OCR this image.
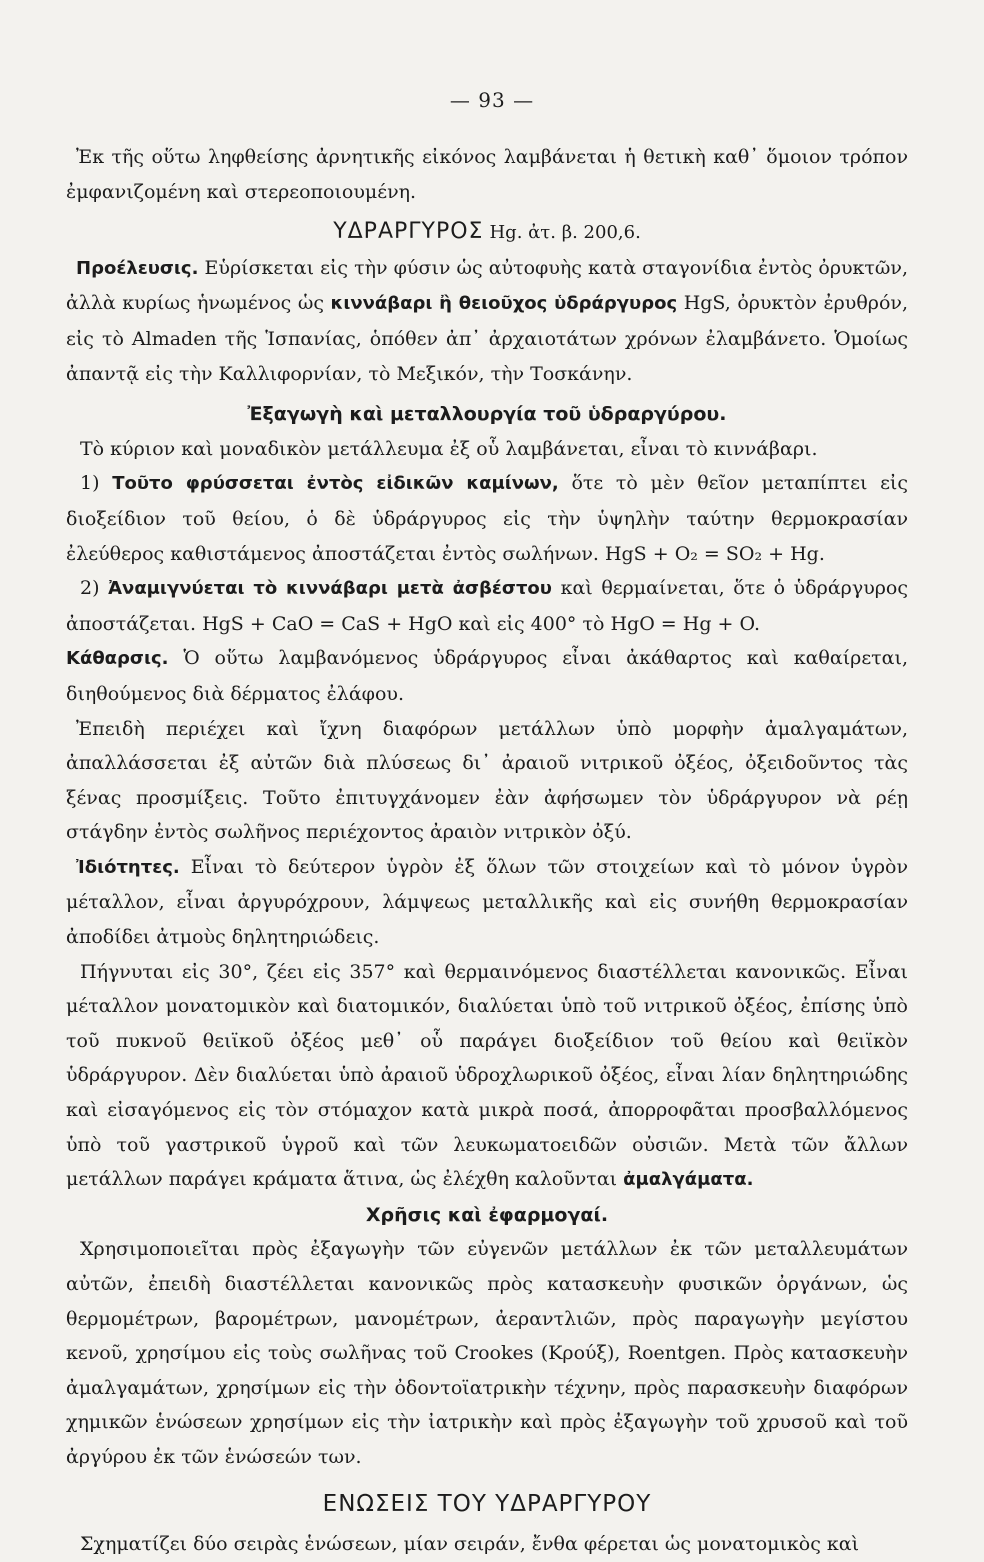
— 93 —

Ἐκ τῆς οὕτω ληφθείσης ἀρνητικῆς εἰκόνος λαμβάνεται ἡ θετικὴ καθ᾽ ὅμοιον τρόπον ἐμφανιζομένη καὶ στερεοποιουμένη.

ΥΔΡΑΡΓΥΡΟΣ Hg. ἀτ. β. 200,6.

Προέλευσις. Εὑρίσκεται εἰς τὴν φύσιν ὡς αὐτοφυὴς κατὰ σταγονίδια ἐντὸς ὀρυκτῶν, ἀλλὰ κυρίως ἡνωμένος ὡς κιννάβαρι ἢ θειοῦχος ὑδράργυρος HgS, ὀρυκτὸν ἐρυθρόν, εἰς τὸ Almaden τῆς Ἱσπανίας, ὁπόθεν ἀπ᾽ ἀρχαιοτάτων χρόνων ἐλαμβάνετο. Ὁμοίως ἀπαντᾷ εἰς τὴν Καλλιφορνίαν, τὸ Μεξικόν, τὴν Τοσκάνην.

Ἐξαγωγὴ καὶ μεταλλουργία τοῦ ὑδραργύρου.

Τὸ κύριον καὶ μοναδικὸν μετάλλευμα ἐξ οὗ λαμβάνεται, εἶναι τὸ κιννάβαρι.

1) Τοῦτο φρύσσεται ἐντὸς εἰδικῶν καμίνων, ὅτε τὸ μὲν θεῖον μεταπίπτει εἰς διοξείδιον τοῦ θείου, ὁ δὲ ὑδράργυρος εἰς τὴν ὑψηλὴν ταύτην θερμοκρασίαν ἐλεύθερος καθιστάμενος ἀποστάζεται ἐντὸς σωλήνων. HgS + O₂ = SO₂ + Hg.

2) Ἀναμιγνύεται τὸ κιννάβαρι μετὰ ἀσβέστου καὶ θερμαίνεται, ὅτε ὁ ὑδράργυρος ἀποστάζεται. HgS + CaO = CaS + HgO καὶ εἰς 400° τὸ HgO = Hg + O.

Κάθαρσις. Ὁ οὕτω λαμβανόμενος ὑδράργυρος εἶναι ἀκάθαρτος καὶ καθαίρεται, διηθούμενος διὰ δέρματος ἐλάφου.

Ἐπειδὴ περιέχει καὶ ἴχνη διαφόρων μετάλλων ὑπὸ μορφὴν ἀμαλγαμάτων, ἀπαλλάσσεται ἐξ αὐτῶν διὰ πλύσεως δι᾽ ἀραιοῦ νιτρικοῦ ὀξέος, ὀξειδοῦντος τὰς ξένας προσμίξεις. Τοῦτο ἐπιτυγχάνομεν ἐὰν ἀφήσωμεν τὸν ὑδράργυρον νὰ ρέῃ στάγδην ἐντὸς σωλῆνος περιέχοντος ἀραιὸν νιτρικὸν ὀξύ.

Ἰδιότητες. Εἶναι τὸ δεύτερον ὑγρὸν ἐξ ὅλων τῶν στοιχείων καὶ τὸ μόνον ὑγρὸν μέταλλον, εἶναι ἀργυρόχρουν, λάμψεως μεταλλικῆς καὶ εἰς συνήθη θερμοκρασίαν ἀποδίδει ἀτμοὺς δηλητηριώδεις.

Πήγνυται εἰς 30°, ζέει εἰς 357° καὶ θερμαινόμενος διαστέλλεται κανονικῶς. Εἶναι μέταλλον μονατομικὸν καὶ διατομικόν, διαλύεται ὑπὸ τοῦ νιτρικοῦ ὀξέος, ἐπίσης ὑπὸ τοῦ πυκνοῦ θειϊκοῦ ὀξέος μεθ᾽ οὗ παράγει διοξείδιον τοῦ θείου καὶ θειϊκὸν ὑδράργυρον. Δὲν διαλύεται ὑπὸ ἀραιοῦ ὑδροχλωρικοῦ ὀξέος, εἶναι λίαν δηλητηριώδης καὶ εἰσαγόμενος εἰς τὸν στόμαχον κατὰ μικρὰ ποσά, ἀπορροφᾶται προσβαλλόμενος ὑπὸ τοῦ γαστρικοῦ ὑγροῦ καὶ τῶν λευκωματοειδῶν οὐσιῶν. Μετὰ τῶν ἄλλων μετάλλων παράγει κράματα ἅτινα, ὡς ἐλέχθη καλοῦνται ἀμαλγάματα.

Χρῆσις καὶ ἐφαρμογαί.

Χρησιμοποιεῖται πρὸς ἐξαγωγὴν τῶν εὐγενῶν μετάλλων ἐκ τῶν μεταλλευμάτων αὐτῶν, ἐπειδὴ διαστέλλεται κανονικῶς πρὸς κατασκευὴν φυσικῶν ὀργάνων, ὡς θερμομέτρων, βαρομέτρων, μανομέτρων, ἀεραντλιῶν, πρὸς παραγωγὴν μεγίστου κενοῦ, χρησίμου εἰς τοὺς σωλῆνας τοῦ Crookes (Κρούξ), Roentgen. Πρὸς κατασκευὴν ἀμαλγαμάτων, χρησίμων εἰς τὴν ὀδοντοϊατρικὴν τέχνην, πρὸς παρασκευὴν διαφόρων χημικῶν ἑνώσεων χρησίμων εἰς τὴν ἰατρικὴν καὶ πρὸς ἐξαγωγὴν τοῦ χρυσοῦ καὶ τοῦ ἀργύρου ἐκ τῶν ἑνώσεών των.

ΕΝΩΣΕΙΣ ΤΟΥ ΥΔΡΑΡΓΥΡΟΥ

Σχηματίζει δύο σειρὰς ἑνώσεων, μίαν σειράν, ἔνθα φέρεται ὡς μονατομικὸς καὶ
